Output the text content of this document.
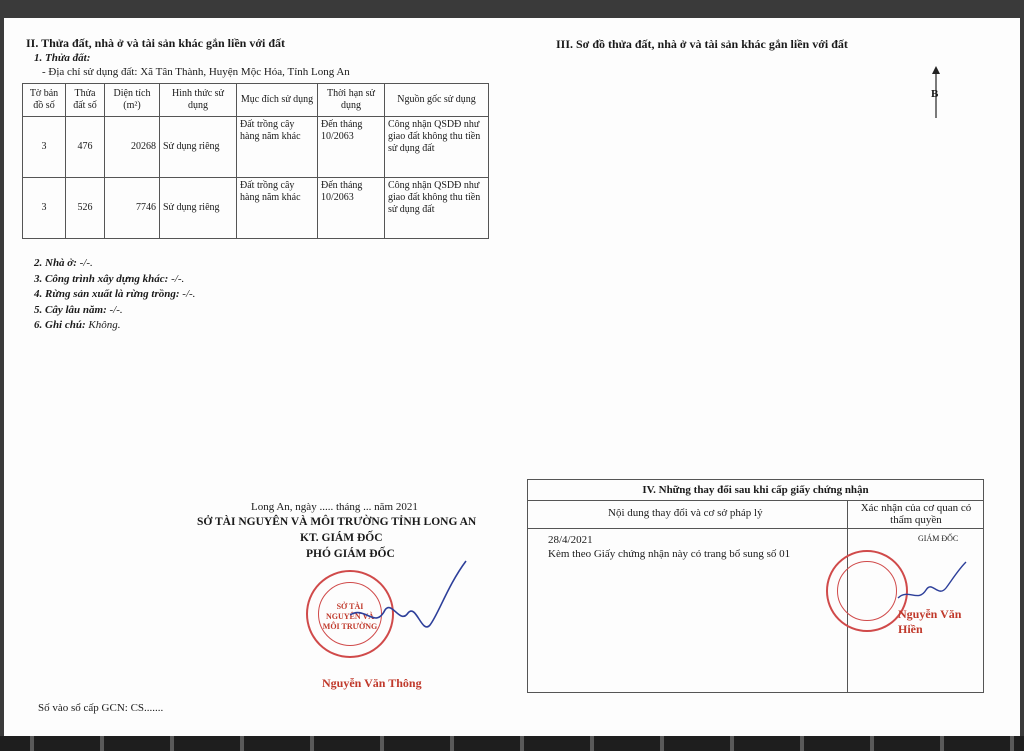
II. Thửa đất, nhà ở và tài sản khác gắn liền với đất
1. Thửa đất:
- Địa chỉ sử dụng đất: Xã Tân Thành, Huyện Mộc Hóa, Tỉnh Long An
Tờ bản đồ số	Thửa đất số	Diện tích (m²)	Hình thức sử dụng	Mục đích sử dụng	Thời hạn sử dụng	Nguồn gốc sử dụng
3	476	20268	Sử dụng riêng	Đất trồng cây hàng năm khác	Đến tháng 10/2063	Công nhận QSDĐ như giao đất không thu tiền sử dụng đất
3	526	7746	Sử dụng riêng	Đất trồng cây hàng năm khác	Đến tháng 10/2063	Công nhận QSDĐ như giao đất không thu tiền sử dụng đất
2. Nhà ở: -/-.
3. Công trình xây dựng khác: -/-.
4. Rừng sản xuất là rừng trồng: -/-.
5. Cây lâu năm: -/-.
6. Ghi chú: Không.
III. Sơ đồ thửa đất, nhà ở và tài sản khác gắn liền với đất
B
Long An, ngày ..... tháng ... năm 2021
SỞ TÀI NGUYÊN VÀ MÔI TRƯỜNG TỈNH LONG AN
KT. GIÁM ĐỐC
PHÓ GIÁM ĐỐC
SỞ TÀI NGUYÊN VÀ MÔI TRƯỜNG
Nguyễn Văn Thông
Số vào sổ cấp GCN: CS.......
IV. Những thay đổi sau khi cấp giấy chứng nhận
Nội dung thay đổi và cơ sở pháp lý	Xác nhận của cơ quan có thẩm quyền
28/4/2021
Kèm theo Giấy chứng nhận này có trang bổ sung số 01
GIÁM ĐỐC
Nguyễn Văn Hiền
